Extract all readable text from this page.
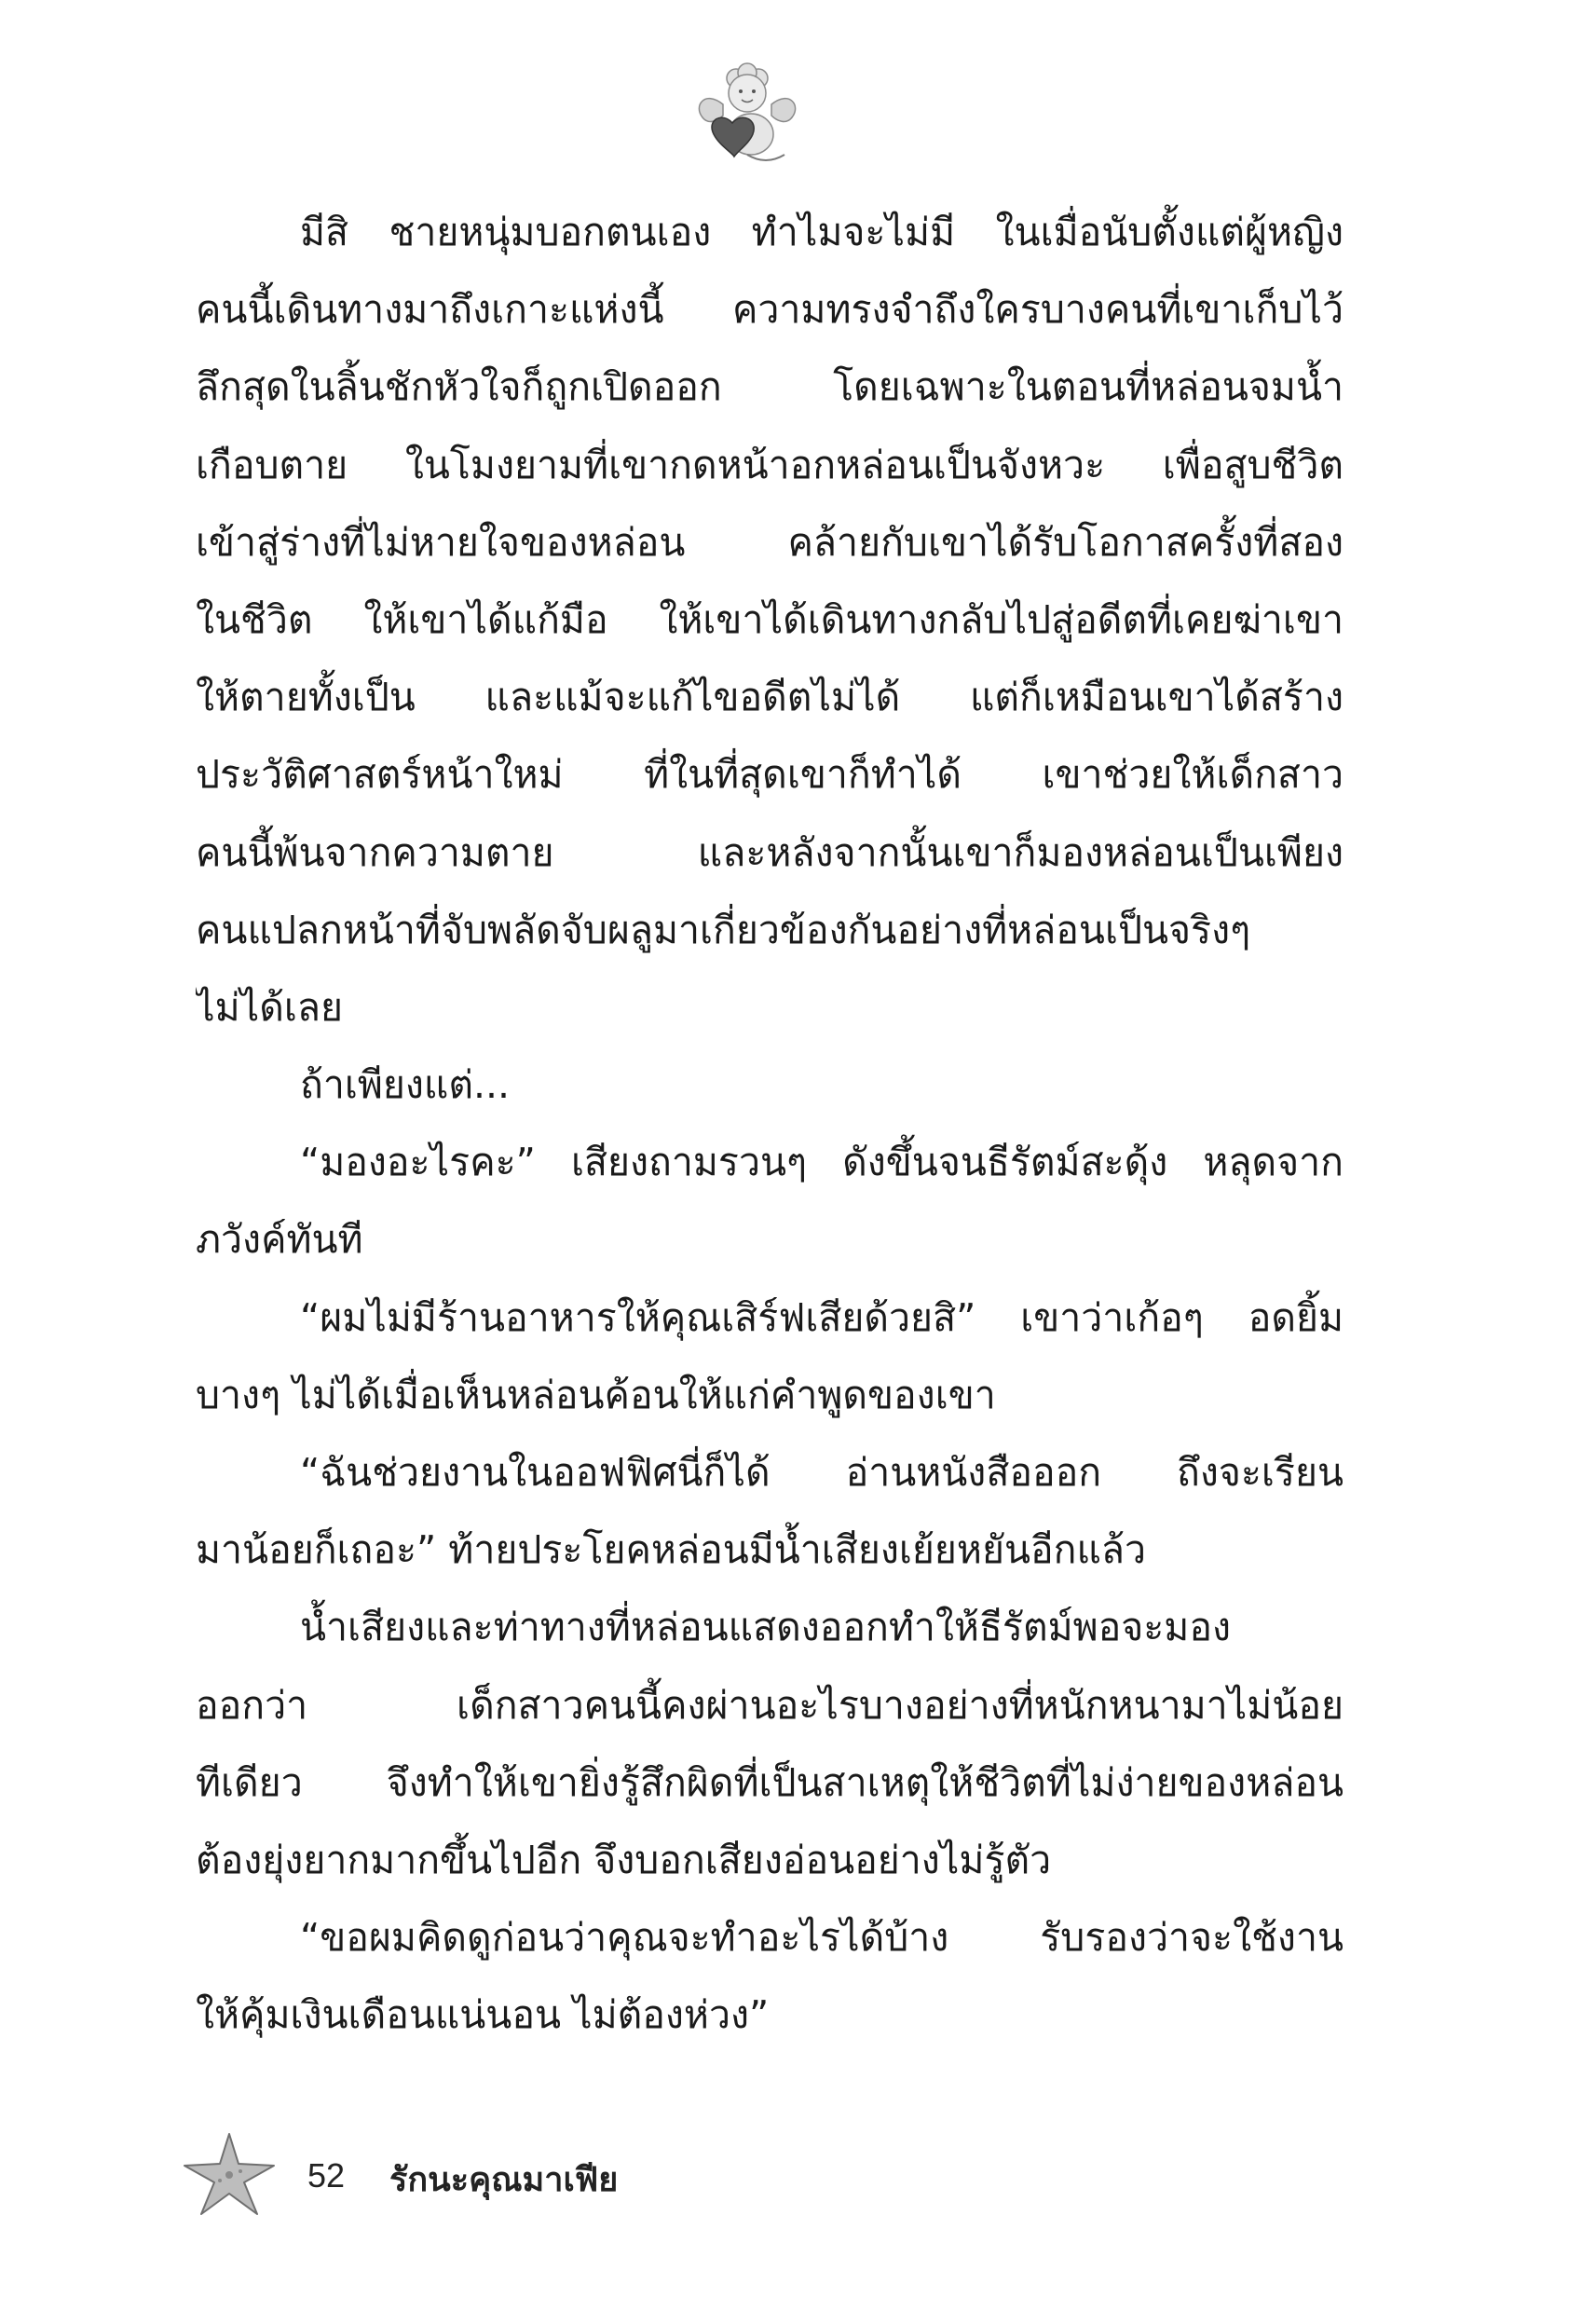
มีสิ ชายหนุ่มบอกตนเอง ทำไมจะไม่มี ในเมื่อนับตั้งแต่ผู้หญิง
คนนี้เดินทางมาถึงเกาะแห่งนี้ ความทรงจำถึงใครบางคนที่เขาเก็บไว้
ลึกสุดในลิ้นชักหัวใจก็ถูกเปิดออก โดยเฉพาะในตอนที่หล่อนจมน้ำ
เกือบตาย ในโมงยามที่เขากดหน้าอกหล่อนเป็นจังหวะ เพื่อสูบชีวิต
เข้าสู่ร่างที่ไม่หายใจของหล่อน คล้ายกับเขาได้รับโอกาสครั้งที่สอง
ในชีวิต ให้เขาได้แก้มือ ให้เขาได้เดินทางกลับไปสู่อดีตที่เคยฆ่าเขา
ให้ตายทั้งเป็น และแม้จะแก้ไขอดีตไม่ได้ แต่ก็เหมือนเขาได้สร้าง
ประวัติศาสตร์หน้าใหม่ ที่ในที่สุดเขาก็ทำได้ เขาช่วยให้เด็กสาว
คนนี้พ้นจากความตาย และหลังจากนั้นเขาก็มองหล่อนเป็นเพียง
คนแปลกหน้าที่จับพลัดจับผลูมาเกี่ยวข้องกันอย่างที่หล่อนเป็นจริงๆ
ไม่ได้เลย

ถ้าเพียงแต่...

“มองอะไรคะ” เสียงถามรวนๆ ดังขึ้นจนธีรัตม์สะดุ้ง หลุดจาก
ภวังค์ทันที

“ผมไม่มีร้านอาหารให้คุณเสิร์ฟเสียด้วยสิ” เขาว่าเก้อๆ อดยิ้ม
บางๆ ไม่ได้เมื่อเห็นหล่อนค้อนให้แก่คำพูดของเขา

“ฉันช่วยงานในออฟฟิศนี่ก็ได้ อ่านหนังสือออก ถึงจะเรียน
มาน้อยก็เถอะ” ท้ายประโยคหล่อนมีน้ำเสียงเย้ยหยันอีกแล้ว

น้ำเสียงและท่าทางที่หล่อนแสดงออกทำให้ธีรัตม์พอจะมอง
ออกว่า เด็กสาวคนนี้คงผ่านอะไรบางอย่างที่หนักหนามาไม่น้อย
ทีเดียว จึงทำให้เขายิ่งรู้สึกผิดที่เป็นสาเหตุให้ชีวิตที่ไม่ง่ายของหล่อน
ต้องยุ่งยากมากขึ้นไปอีก จึงบอกเสียงอ่อนอย่างไม่รู้ตัว

“ขอผมคิดดูก่อนว่าคุณจะทำอะไรได้บ้าง รับรองว่าจะใช้งาน
ให้คุ้มเงินเดือนแน่นอน ไม่ต้องห่วง”

52 รักนะคุณมาเฟีย
